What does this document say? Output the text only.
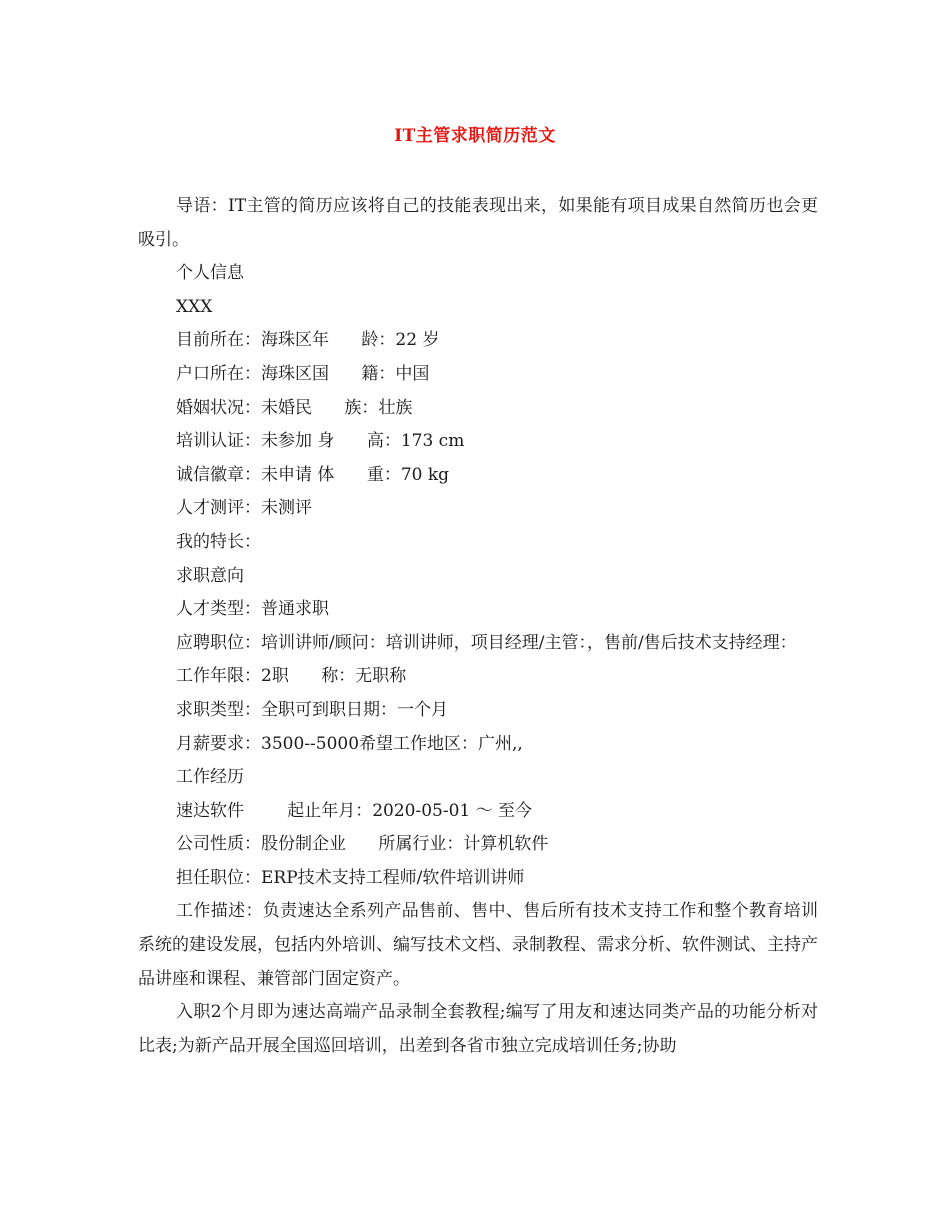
IT主管求职简历范文

导语：IT主管的简历应该将自己的技能表现出来，如果能有项目成果自然简历也会更吸引。

个人信息

XXX

目前所在：海珠区年      龄：22 岁

户口所在：海珠区国      籍：中国

婚姻状况：未婚民      族：壮族

培训认证：未参加 身      高：173 cm

诚信徽章：未申请 体      重：70 kg

人才测评：未测评

我的特长：

求职意向

人才类型：普通求职

应聘职位：培训讲师/顾问：培训讲师，项目经理/主管：，售前/售后技术支持经理：

工作年限：2职      称：无职称

求职类型：全职可到职日期：一个月

月薪要求：3500--5000希望工作地区：广州,,

工作经历

速达软件        起止年月：2020-05-01 ～ 至今

公司性质：股份制企业      所属行业：计算机软件

担任职位：ERP技术支持工程师/软件培训讲师

工作描述：负责速达全系列产品售前、售中、售后所有技术支持工作和整个教育培训系统的建设发展，包括内外培训、编写技术文档、录制教程、需求分析、软件测试、主持产品讲座和课程、兼管部门固定资产。

入职2个月即为速达高端产品录制全套教程;编写了用友和速达同类产品的功能分析对比表;为新产品开展全国巡回培训，出差到各省市独立完成培训任务;协助
